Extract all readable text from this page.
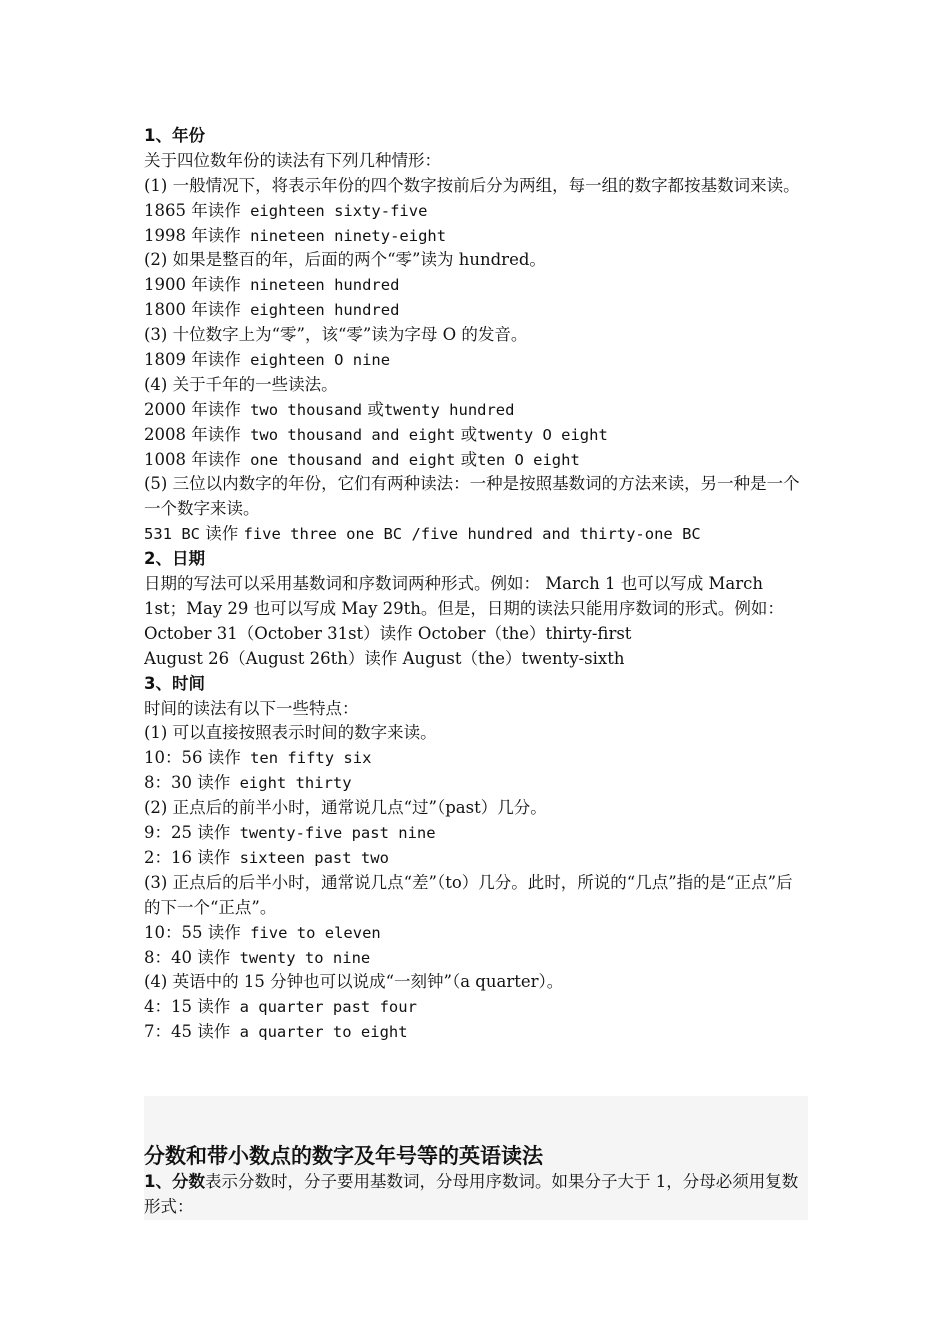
1、年份
关于四位数年份的读法有下列几种情形：
(1) 一般情况下，将表示年份的四个数字按前后分为两组，每一组的数字都按基数词来读。
1865 年读作 eighteen sixty-five
1998 年读作 nineteen ninety-eight
(2) 如果是整百的年，后面的两个“零”读为 hundred。
1900 年读作 nineteen hundred
1800 年读作 eighteen hundred
(3) 十位数字上为“零”，该“零”读为字母 O 的发音。
1809 年读作 eighteen O nine
(4) 关于千年的一些读法。
2000 年读作 two thousand 或twenty hundred
2008 年读作 two thousand and eight 或twenty O eight
1008 年读作 one thousand and eight 或ten O eight
(5) 三位以内数字的年份，它们有两种读法：一种是按照基数词的方法来读，另一种是一个一个数字来读。
531 BC 读作 five three one BC /five hundred and thirty-one BC
2、日期
日期的写法可以采用基数词和序数词两种形式。例如： March 1 也可以写成 March 1st；May 29 也可以写成 May 29th。但是，日期的读法只能用序数词的形式。例如：
October 31（October 31st）读作 October（the）thirty-first
August 26（August 26th）读作 August（the）twenty-sixth
3、时间
时间的读法有以下一些特点：
(1) 可以直接按照表示时间的数字来读。
10：56 读作 ten fifty six
8：30 读作 eight thirty
(2) 正点后的前半小时，通常说几点“过”（past）几分。
9：25 读作 twenty-five past nine
2：16 读作 sixteen past two
(3) 正点后的后半小时，通常说几点“差”（to）几分。此时，所说的“几点”指的是“正点”后的下一个“正点”。
10：55 读作 five to eleven
8：40 读作 twenty to nine
(4) 英语中的 15 分钟也可以说成“一刻钟”（a quarter）。
4：15 读作 a quarter past four
7：45 读作 a quarter to eight
分数和带小数点的数字及年号等的英语读法
1、分数表示分数时，分子要用基数词，分母用序数词。如果分子大于 1，分母必须用复数形式：
